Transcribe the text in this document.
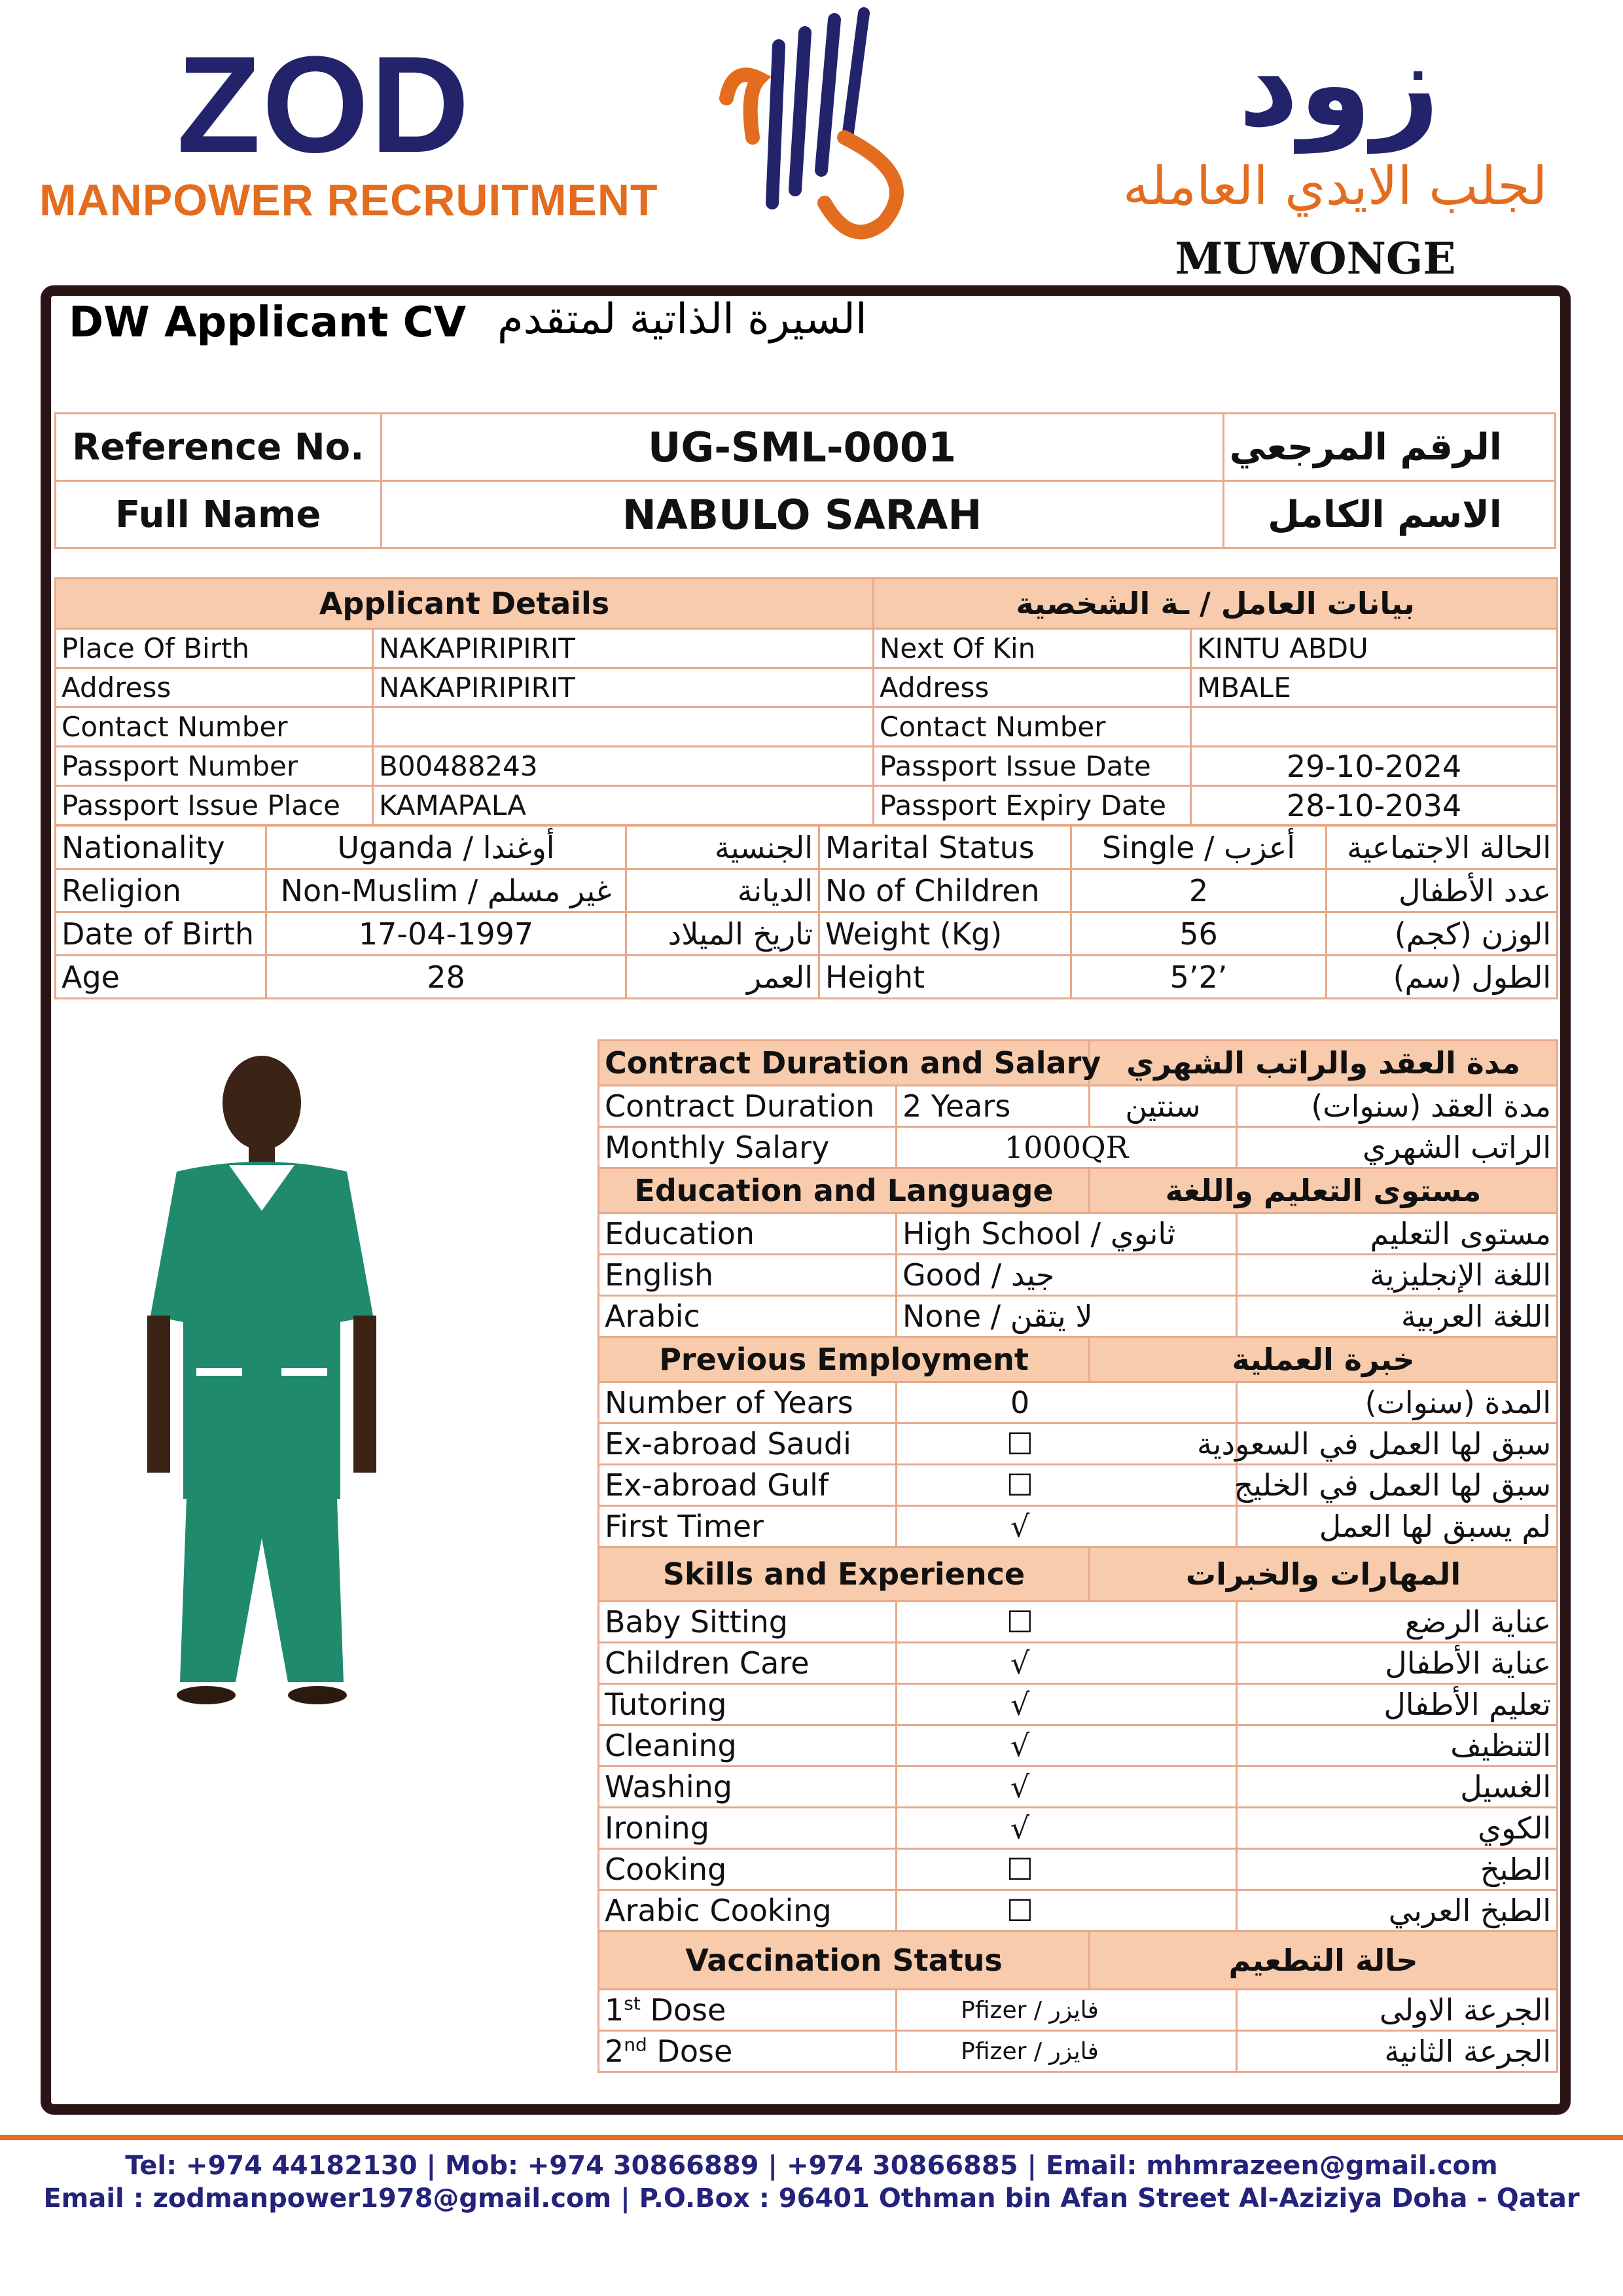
ZOD
MANPOWER RECRUITMENT
زود
لجلب الايدي العامله
MUWONGE
DW Applicant CV السيرة الذاتية لمتقدم
Reference No.	UG-SML-0001	الرقم المرجعي
Full Name	NABULO SARAH	الاسم الكامل
Applicant Details		بيانات العامل / ـة الشخصية	
Place Of Birth	NAKAPIRIPIRIT	Next Of Kin	KINTU ABDU
Address	NAKAPIRIPIRIT	Address	MBALE
Contact Number		Contact Number	
Passport Number	B00488243	Passport Issue Date	29-10-2024
Passport Issue Place	KAMAPALA	Passport Expiry Date	28-10-2034
Nationality	Uganda / أوغندا	الجنسية	Marital Status	Single / أعزب	الحالة الاجتماعية
Religion	Non-Muslim / غير مسلم	الديانة	No of Children	2	عدد الأطفال
Date of Birth	17-04-1997	تاريخ الميلاد	Weight (Kg)	56	الوزن (كجم)
Age	28	العمر	Height	5’2’	الطول (سم)
Contract Duration and Salary		مدة العقد والراتب الشهري	
Contract Duration	2 Years	سنتين	مدة العقد (سنوات)
Monthly Salary	1000QR		الراتب الشهري
Education and Language		مستوى التعليم واللغة	
Education	High School / ثانوي		مستوى التعليم
English	Good / جيد		اللغة الإنجليزية
Arabic	None / لا يتقن		اللغة العربية
Previous Employment		خبرة العملية	
Number of Years	0		المدة (سنوات)
Ex-abroad Saudi	☐		سبق لها العمل في السعودية
Ex-abroad Gulf	☐		سبق لها العمل في الخليج
First Timer	√		لم يسبق لها العمل
Skills and Experience		المهارات والخبرات	
Baby Sitting	☐		عناية الرضع
Children Care	√		عناية الأطفال
Tutoring	√		تعليم الأطفال
Cleaning	√		التنظيف
Washing	√		الغسيل
Ironing	√		الكوي
Cooking	☐		الطبخ
Arabic Cooking	☐		الطبخ العربي
Vaccination Status		حالة التطعيم	
1st Dose	Pfizer / فايزر		الجرعة الاولى
2nd Dose	Pfizer / فايزر		الجرعة الثانية
Tel: +974 44182130 | Mob: +974 30866889 | +974 30866885 | Email: mhmrazeen@gmail.com
Email : zodmanpower1978@gmail.com | P.O.Box : 96401 Othman bin Afan Street Al-Aziziya Doha - Qatar
